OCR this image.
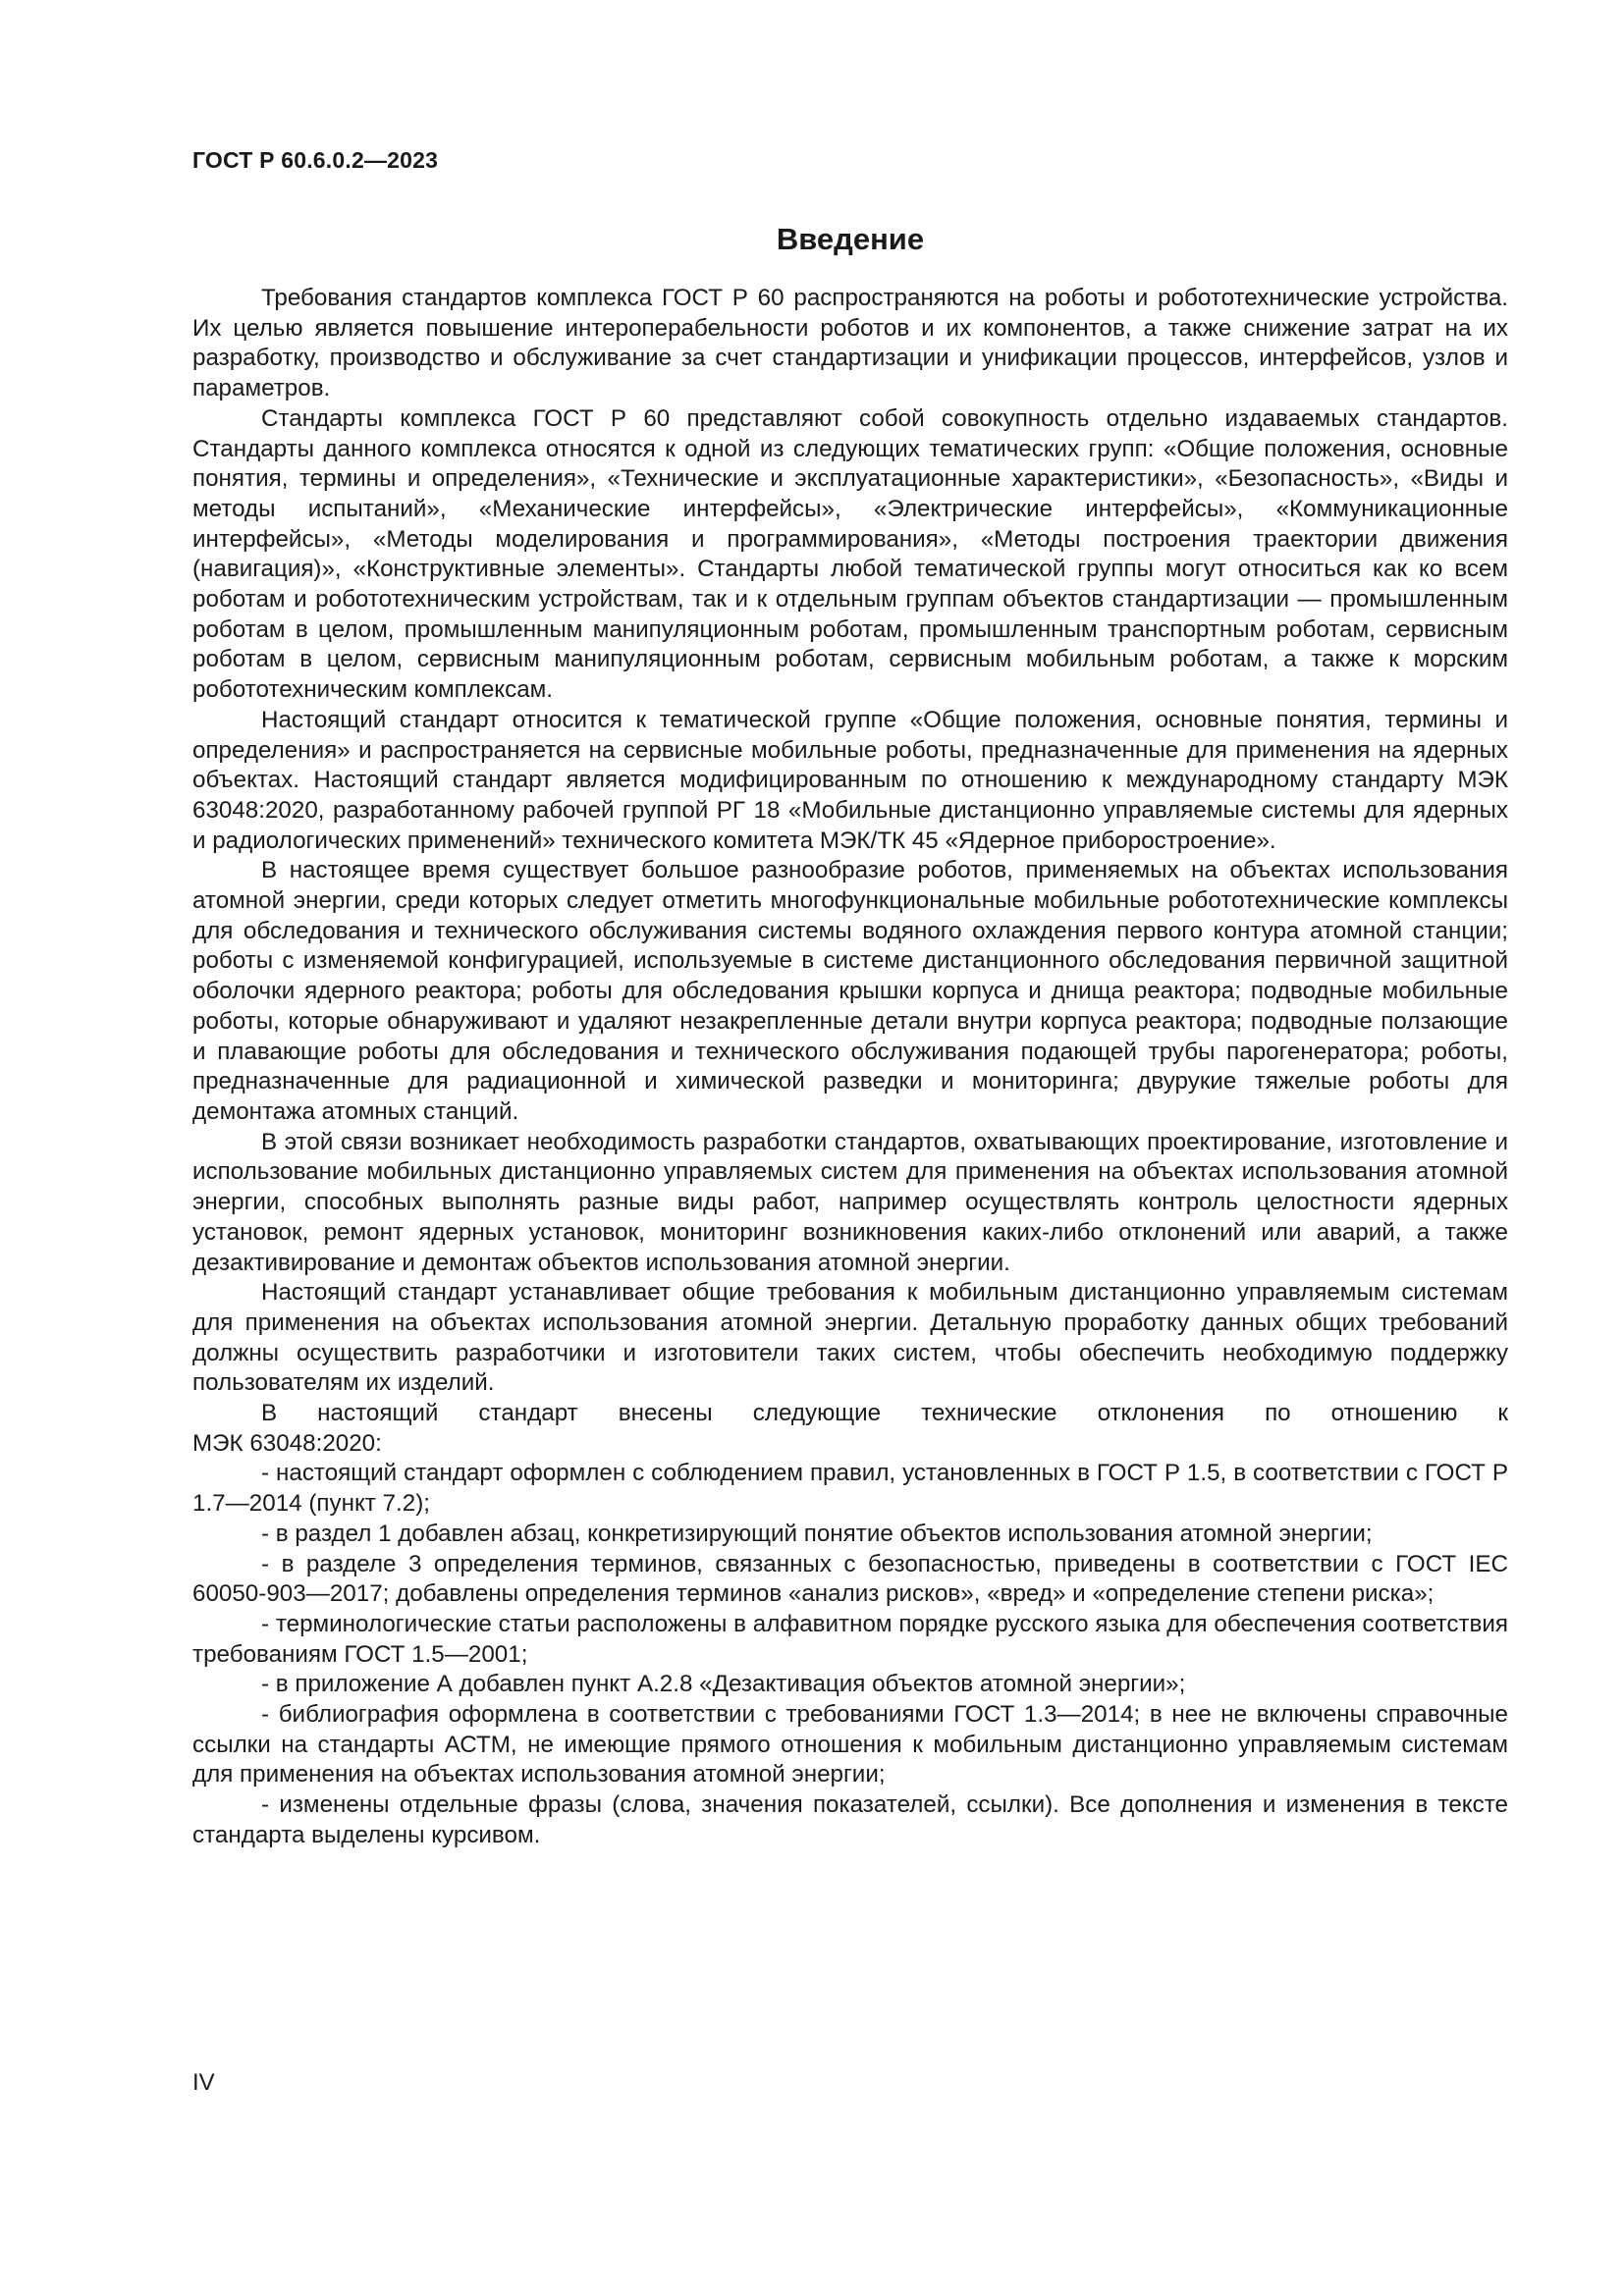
ГОСТ Р 60.6.0.2—2023
Введение

Требования стандартов комплекса ГОСТ Р 60 распространяются на роботы и робототехнические устройства. Их целью является повышение интероперабельности роботов и их компонентов, а также снижение затрат на их разработку, производство и обслуживание за счет стандартизации и унификации процессов, интерфейсов, узлов и параметров.

Стандарты комплекса ГОСТ Р 60 представляют собой совокупность отдельно издаваемых стандартов. Стандарты данного комплекса относятся к одной из следующих тематических групп: «Общие положения, основные понятия, термины и определения», «Технические и эксплуатационные характеристики», «Безопасность», «Виды и методы испытаний», «Механические интерфейсы», «Электрические интерфейсы», «Коммуникационные интерфейсы», «Методы моделирования и программирования», «Методы построения траектории движения (навигация)», «Конструктивные элементы». Стандарты любой тематической группы могут относиться как ко всем роботам и робототехническим устройствам, так и к отдельным группам объектов стандартизации — промышленным роботам в целом, промышленным манипуляционным роботам, промышленным транспортным роботам, сервисным роботам в целом, сервисным манипуляционным роботам, сервисным мобильным роботам, а также к морским робототехническим комплексам.

Настоящий стандарт относится к тематической группе «Общие положения, основные понятия, термины и определения» и распространяется на сервисные мобильные роботы, предназначенные для применения на ядерных объектах. Настоящий стандарт является модифицированным по отношению к международному стандарту МЭК 63048:2020, разработанному рабочей группой РГ 18 «Мобильные дистанционно управляемые системы для ядерных и радиологических применений» технического комитета МЭК/ТК 45 «Ядерное приборостроение».

В настоящее время существует большое разнообразие роботов, применяемых на объектах использования атомной энергии, среди которых следует отметить многофункциональные мобильные робототехнические комплексы для обследования и технического обслуживания системы водяного охлаждения первого контура атомной станции; роботы с изменяемой конфигурацией, используемые в системе дистанционного обследования первичной защитной оболочки ядерного реактора; роботы для обследования крышки корпуса и днища реактора; подводные мобильные роботы, которые обнаруживают и удаляют незакрепленные детали внутри корпуса реактора; подводные ползающие и плавающие роботы для обследования и технического обслуживания подающей трубы парогенератора; роботы, предназначенные для радиационной и химической разведки и мониторинга; двурукие тяжелые роботы для демонтажа атомных станций.

В этой связи возникает необходимость разработки стандартов, охватывающих проектирование, изготовление и использование мобильных дистанционно управляемых систем для применения на объектах использования атомной энергии, способных выполнять разные виды работ, например осуществлять контроль целостности ядерных установок, ремонт ядерных установок, мониторинг возникновения каких-либо отклонений или аварий, а также дезактивирование и демонтаж объектов использования атомной энергии.

Настоящий стандарт устанавливает общие требования к мобильным дистанционно управляемым системам для применения на объектах использования атомной энергии. Детальную проработку данных общих требований должны осуществить разработчики и изготовители таких систем, чтобы обеспечить необходимую поддержку пользователям их изделий.

В настоящий стандарт внесены следующие технические отклонения по отношению к

МЭК 63048:2020:

- настоящий стандарт оформлен с соблюдением правил, установленных в ГОСТ Р 1.5, в соответствии с ГОСТ Р 1.7—2014 (пункт 7.2);

- в раздел 1 добавлен абзац, конкретизирующий понятие объектов использования атомной энергии;

- в разделе 3 определения терминов, связанных с безопасностью, приведены в соответствии с ГОСТ IEC 60050-903—2017; добавлены определения терминов «анализ рисков», «вред» и «определение степени риска»;

- терминологические статьи расположены в алфавитном порядке русского языка для обеспечения соответствия требованиям ГОСТ 1.5—2001;

- в приложение А добавлен пункт А.2.8 «Дезактивация объектов атомной энергии»;

- библиография оформлена в соответствии с требованиями ГОСТ 1.3—2014; в нее не включены справочные ссылки на стандарты АСТМ, не имеющие прямого отношения к мобильным дистанционно управляемым системам для применения на объектах использования атомной энергии;

- изменены отдельные фразы (слова, значения показателей, ссылки). Все дополнения и изменения в тексте стандарта выделены курсивом.

IV
